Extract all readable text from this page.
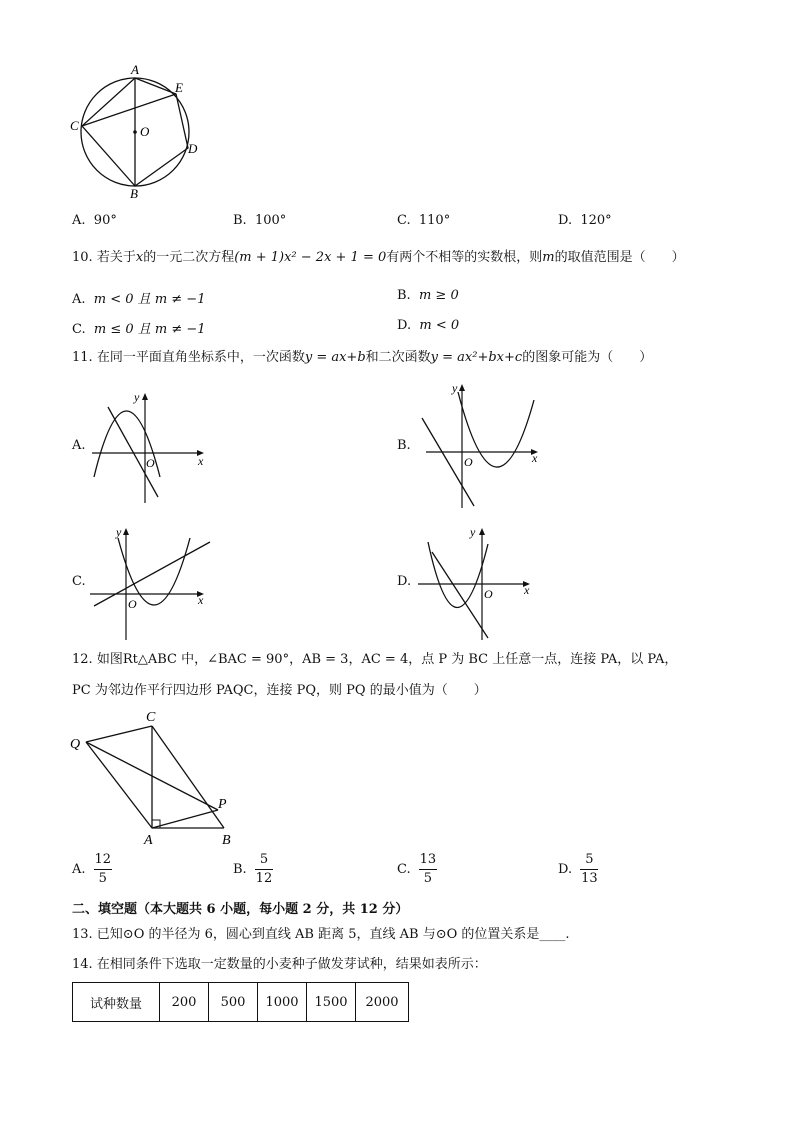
A
E
C	O
D
B
A. 90°	B. 100°	C. 110°	D. 120°
10. 若关于x的一元二次方程(m + 1)x² − 2x + 1 = 0有两个不相等的实数根，则m的取值范围是（　　）
A. m < 0 且 m ≠ −1	B. m ≥ 0
C. m ≤ 0 且 m ≠ −1	D. m < 0
11. 在同一平面直角坐标系中，一次函数y = ax+b和二次函数y = ax²+bx+c的图象可能为（　　）
A.
x
y
O
B.
x
y
O
C.
x
y
O
D.
x
y
O
12. 如图Rt△ABC 中，∠BAC = 90°，AB = 3，AC = 4，点 P 为 BC 上任意一点，连接 PA，以 PA，
PC 为邻边作平行四边形 PAQC，连接 PQ，则 PQ 的最小值为（　　）
Q
C
P
A	B
A. $\frac{12}{5}$	B. $\frac{5}{12}$	C. $\frac{13}{5}$	D. $\frac{5}{13}$
二、填空题（本大题共 6 小题，每小题 2 分，共 12 分）
13. 已知⊙O 的半径为 6，圆心到直线 AB 距离 5，直线 AB 与⊙O 的位置关系是____.
14. 在相同条件下选取一定数量的小麦种子做发芽试种，结果如表所示：
试种数量	200	500	1000	1500	2000
